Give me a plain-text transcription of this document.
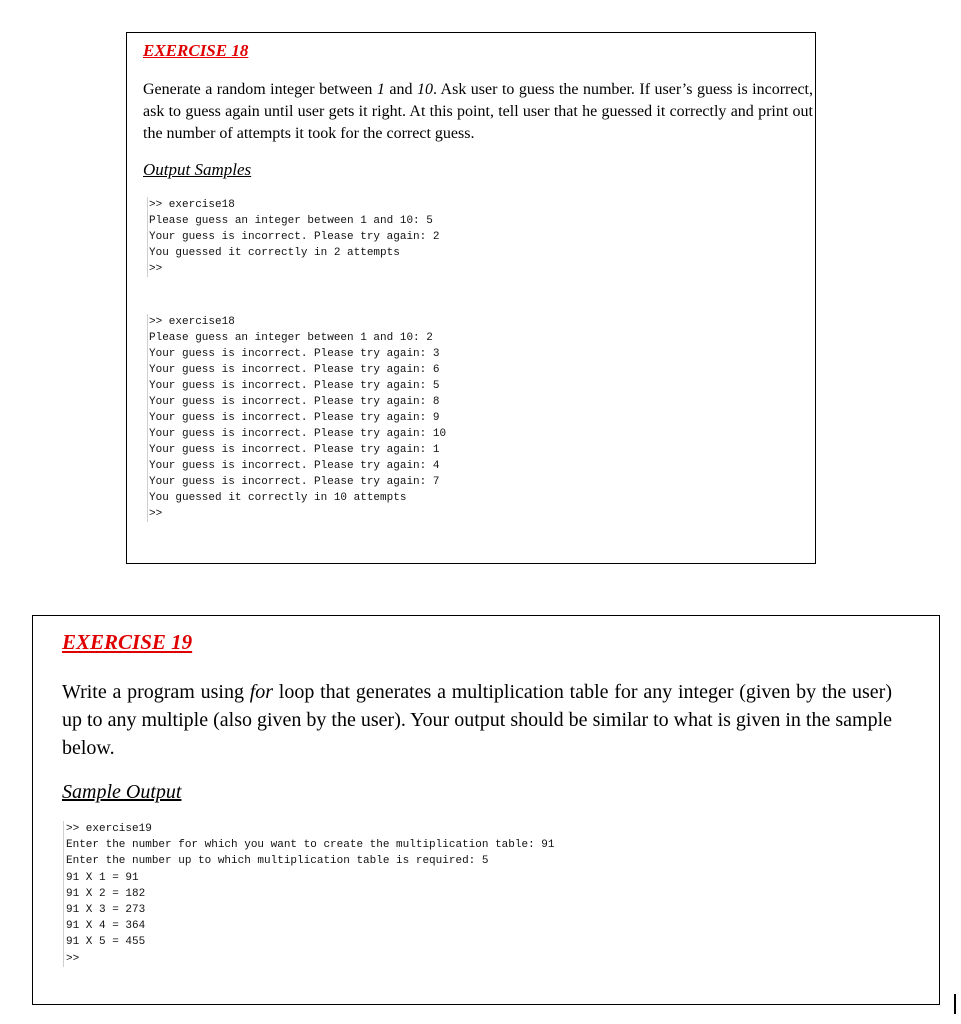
EXERCISE 18

Generate a random integer between 1 and 10. Ask user to guess the number. If user’s guess is incorrect, ask to guess again until user gets it right. At this point, tell user that he guessed it correctly and print out the number of attempts it took for the correct guess.

Output Samples

>> exercise18
Please guess an integer between 1 and 10: 5
Your guess is incorrect. Please try again: 2
You guessed it correctly in 2 attempts
>>
>> exercise18
Please guess an integer between 1 and 10: 2
Your guess is incorrect. Please try again: 3
Your guess is incorrect. Please try again: 6
Your guess is incorrect. Please try again: 5
Your guess is incorrect. Please try again: 8
Your guess is incorrect. Please try again: 9
Your guess is incorrect. Please try again: 10
Your guess is incorrect. Please try again: 1
Your guess is incorrect. Please try again: 4
Your guess is incorrect. Please try again: 7
You guessed it correctly in 10 attempts
>>

EXERCISE 19

Write a program using for loop that generates a multiplication table for any integer (given by the user) up to any multiple (also given by the user). Your output should be similar to what is given in the sample below.

Sample Output

>> exercise19
Enter the number for which you want to create the multiplication table: 91
Enter the number up to which multiplication table is required: 5
91 X 1 = 91
91 X 2 = 182
91 X 3 = 273
91 X 4 = 364
91 X 5 = 455
>>
